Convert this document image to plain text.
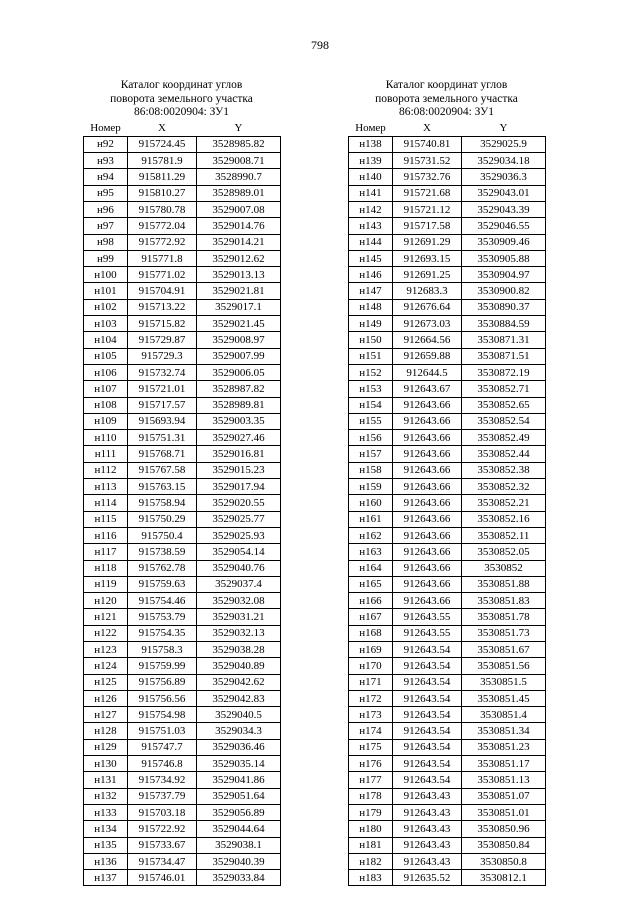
798
Каталог координат углов
поворота земельного участка
86:08:0020904: ЗУ1
Номер	X	Y
н92	915724.45	3528985.82
н93	915781.9	3529008.71
н94	915811.29	3528990.7
н95	915810.27	3528989.01
н96	915780.78	3529007.08
н97	915772.04	3529014.76
н98	915772.92	3529014.21
н99	915771.8	3529012.62
н100	915771.02	3529013.13
н101	915704.91	3529021.81
н102	915713.22	3529017.1
н103	915715.82	3529021.45
н104	915729.87	3529008.97
н105	915729.3	3529007.99
н106	915732.74	3529006.05
н107	915721.01	3528987.82
н108	915717.57	3528989.81
н109	915693.94	3529003.35
н110	915751.31	3529027.46
н111	915768.71	3529016.81
н112	915767.58	3529015.23
н113	915763.15	3529017.94
н114	915758.94	3529020.55
н115	915750.29	3529025.77
н116	915750.4	3529025.93
н117	915738.59	3529054.14
н118	915762.78	3529040.76
н119	915759.63	3529037.4
н120	915754.46	3529032.08
н121	915753.79	3529031.21
н122	915754.35	3529032.13
н123	915758.3	3529038.28
н124	915759.99	3529040.89
н125	915756.89	3529042.62
н126	915756.56	3529042.83
н127	915754.98	3529040.5
н128	915751.03	3529034.3
н129	915747.7	3529036.46
н130	915746.8	3529035.14
н131	915734.92	3529041.86
н132	915737.79	3529051.64
н133	915703.18	3529056.89
н134	915722.92	3529044.64
н135	915733.67	3529038.1
н136	915734.47	3529040.39
н137	915746.01	3529033.84
Каталог координат углов
поворота земельного участка
86:08:0020904: ЗУ1
Номер	X	Y
н138	915740.81	3529025.9
н139	915731.52	3529034.18
н140	915732.76	3529036.3
н141	915721.68	3529043.01
н142	915721.12	3529043.39
н143	915717.58	3529046.55
н144	912691.29	3530909.46
н145	912693.15	3530905.88
н146	912691.25	3530904.97
н147	912683.3	3530900.82
н148	912676.64	3530890.37
н149	912673.03	3530884.59
н150	912664.56	3530871.31
н151	912659.88	3530871.51
н152	912644.5	3530872.19
н153	912643.67	3530852.71
н154	912643.66	3530852.65
н155	912643.66	3530852.54
н156	912643.66	3530852.49
н157	912643.66	3530852.44
н158	912643.66	3530852.38
н159	912643.66	3530852.32
н160	912643.66	3530852.21
н161	912643.66	3530852.16
н162	912643.66	3530852.11
н163	912643.66	3530852.05
н164	912643.66	3530852
н165	912643.66	3530851.88
н166	912643.66	3530851.83
н167	912643.55	3530851.78
н168	912643.55	3530851.73
н169	912643.54	3530851.67
н170	912643.54	3530851.56
н171	912643.54	3530851.5
н172	912643.54	3530851.45
н173	912643.54	3530851.4
н174	912643.54	3530851.34
н175	912643.54	3530851.23
н176	912643.54	3530851.17
н177	912643.54	3530851.13
н178	912643.43	3530851.07
н179	912643.43	3530851.01
н180	912643.43	3530850.96
н181	912643.43	3530850.84
н182	912643.43	3530850.8
н183	912635.52	3530812.1
